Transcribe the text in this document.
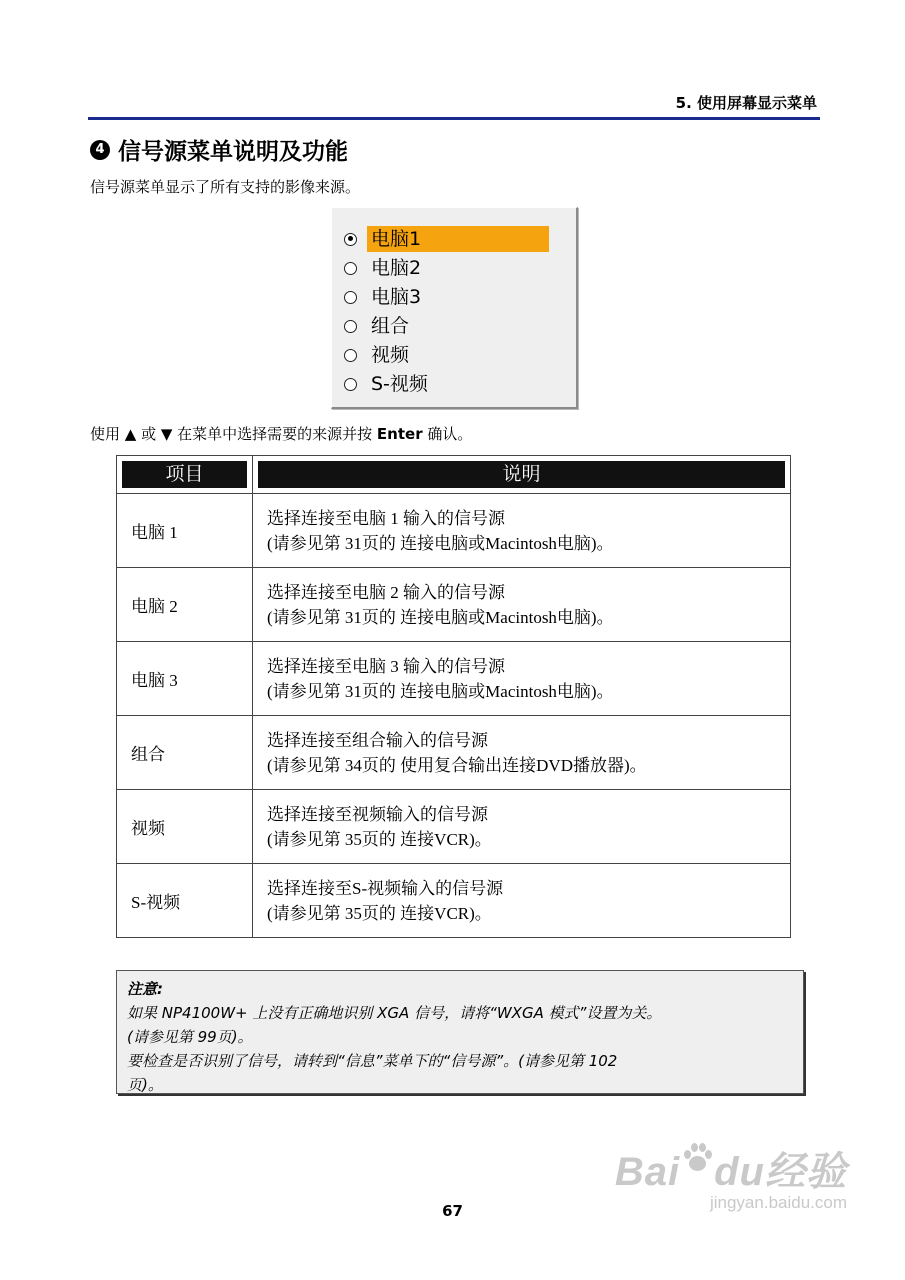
5. 使用屏幕显示菜单
4 信号源菜单说明及功能
信号源菜单显示了所有支持的影像来源。
电脑1
电脑2
电脑3
组合
视频
S-视频
使用 ▲ 或 ▼ 在菜单中选择需要的来源并按 Enter 确认。
项目	说明

电脑 1	选择连接至电脑 1 输入的信号源
(请参见第 31页的 连接电脑或Macintosh电脑)。

电脑 2	选择连接至电脑 2 输入的信号源
(请参见第 31页的 连接电脑或Macintosh电脑)。

电脑 3	选择连接至电脑 3 输入的信号源
(请参见第 31页的 连接电脑或Macintosh电脑)。

组合	选择连接至组合输入的信号源
(请参见第 34页的 使用复合输出连接DVD播放器)。

视频	选择连接至视频输入的信号源
(请参见第 35页的 连接VCR)。

S-视频	选择连接至S-视频输入的信号源
(请参见第 35页的 连接VCR)。
注意:
如果 NP4100W+ 上没有正确地识别 XGA 信号，请将“WXGA 模式”设置为关。
(请参见第 99页)。
要检查是否识别了信号，请转到“信息”菜单下的“信号源”。(请参见第 102
页)。
67
Bai du经验
jingyan.baidu.com
